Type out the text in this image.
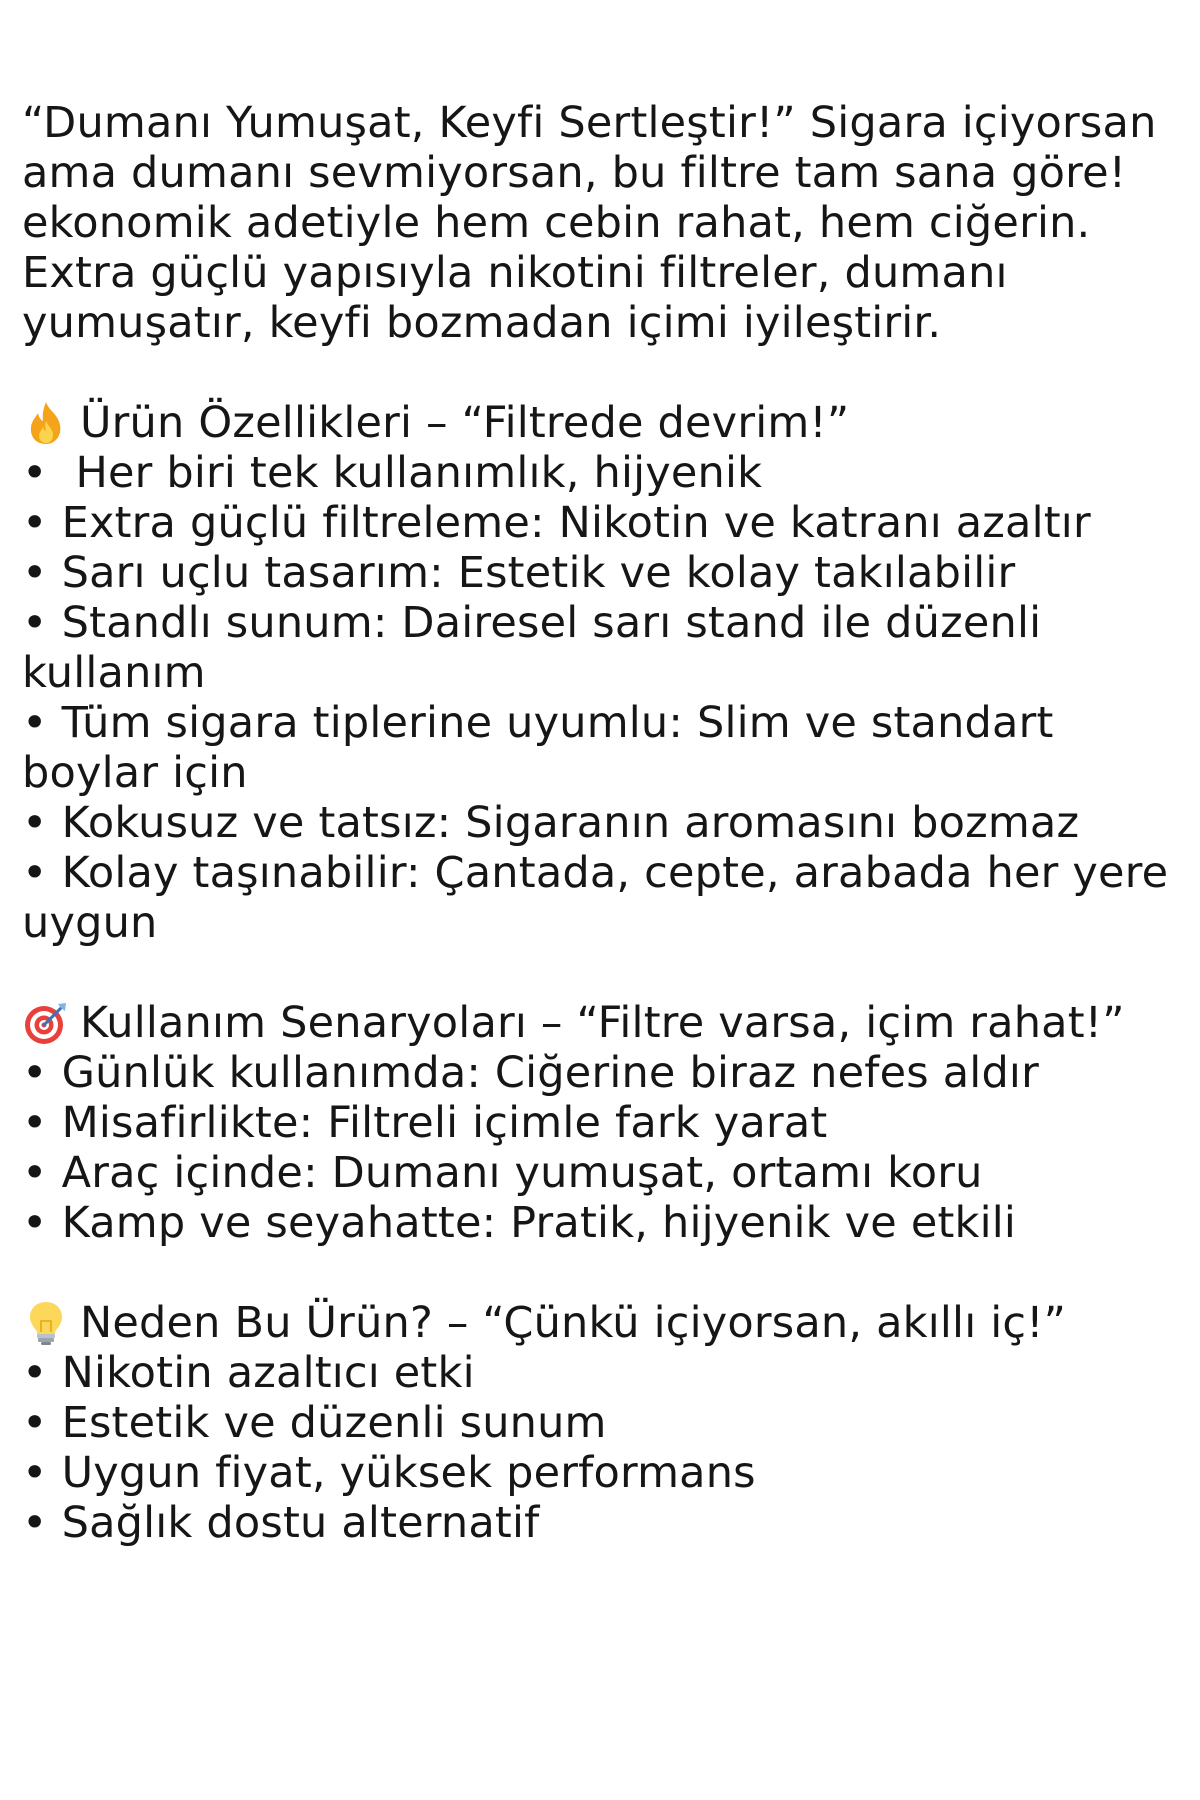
“Dumanı Yumuşat, Keyfi Sertleştir!” Sigara içiyorsan ama dumanı sevmiyorsan, bu filtre tam sana göre! ekonomik adetiyle hem cebin rahat, hem ciğerin. Extra güçlü yapısıyla nikotini filtreler, dumanı yumuşatır, keyfi bozmadan içimi iyileştirir.

Ürün Özellikleri – “Filtrede devrim!”
• Her biri tek kullanımlık, hijyenik
• Extra güçlü filtreleme: Nikotin ve katranı azaltır
• Sarı uçlu tasarım: Estetik ve kolay takılabilir
• Standlı sunum: Dairesel sarı stand ile düzenli kullanım
• Tüm sigara tiplerine uyumlu: Slim ve standart boylar için
• Kokusuz ve tatsız: Sigaranın aromasını bozmaz
• Kolay taşınabilir: Çantada, cepte, arabada her yere uygun
Kullanım Senaryoları – “Filtre varsa, içim rahat!”
• Günlük kullanımda: Ciğerine biraz nefes aldır
• Misafirlikte: Filtreli içimle fark yarat
• Araç içinde: Dumanı yumuşat, ortamı koru
• Kamp ve seyahatte: Pratik, hijyenik ve etkili
Neden Bu Ürün? – “Çünkü içiyorsan, akıllı iç!”
• Nikotin azaltıcı etki
• Estetik ve düzenli sunum
• Uygun fiyat, yüksek performans
• Sağlık dostu alternatif
